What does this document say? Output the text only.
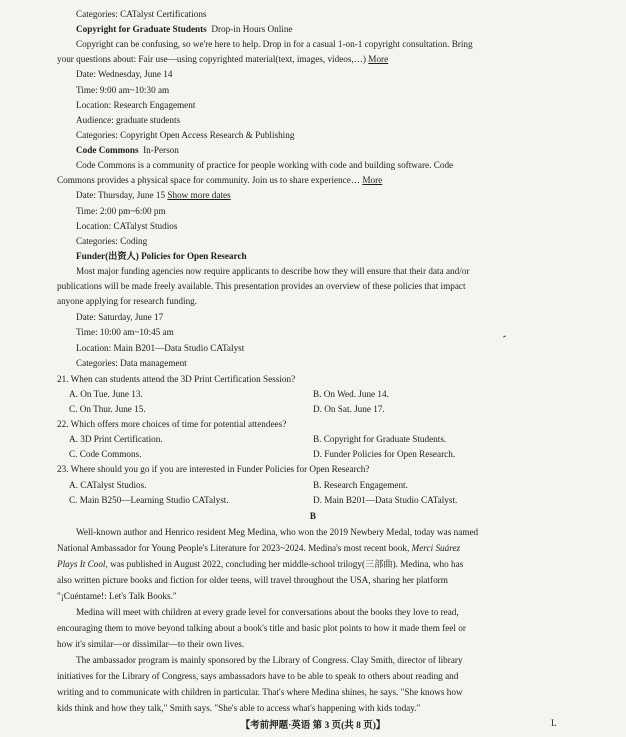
Categories: CATalyst Certifications
Copyright for Graduate Students Drop-in Hours Online
Copyright can be confusing, so we're here to help. Drop in for a casual 1-on-1 copyright consultation. Bring
your questions about: Fair use—using copyrighted material(text, images, videos,…) More
Date: Wednesday, June 14
Time: 9:00 am~10:30 am
Location: Research Engagement
Audience: graduate students
Categories: Copyright Open Access Research & Publishing
Code Commons In-Person
Code Commons is a community of practice for people working with code and building software. Code
Commons provides a physical space for community. Join us to share experience… More
Date: Thursday, June 15 Show more dates
Time: 2:00 pm~6:00 pm
Location: CATalyst Studios
Categories: Coding
Funder(出资人) Policies for Open Research
Most major funding agencies now require applicants to describe how they will ensure that their data and/or
publications will be made freely available. This presentation provides an overview of these policies that impact
anyone applying for research funding.
Date: Saturday, June 17
Time: 10:00 am~10:45 am
Location: Main B201—Data Studio CATalyst
Categories: Data management
21. When can students attend the 3D Print Certification Session?
A. On Tue. June 13.	B. On Wed. June 14.
C. On Thur. June 15.	D. On Sat. June 17.
22. Which offers more choices of time for potential attendees?
A. 3D Print Certification.	B. Copyright for Graduate Students.
C. Code Commons.	D. Funder Policies for Open Research.
23. Where should you go if you are interested in Funder Policies for Open Research?
A. CATalyst Studios.	B. Research Engagement.
C. Main B250—Learning Studio CATalyst.	D. Main B201—Data Studio CATalyst.
B
Well-known author and Henrico resident Meg Medina, who won the 2019 Newbery Medal, today was named
National Ambassador for Young People's Literature for 2023~2024. Medina's most recent book, Merci Suárez
Plays It Cool, was published in August 2022, concluding her middle-school trilogy(三部曲). Medina, who has
also written picture books and fiction for older teens, will travel throughout the USA, sharing her platform
"¡Cuéntame!: Let's Talk Books."
Medina will meet with children at every grade level for conversations about the books they love to read,
encouraging them to move beyond talking about a book's title and basic plot points to how it made them feel or
how it's similar—or dissimilar—to their own lives.
The ambassador program is mainly sponsored by the Library of Congress. Clay Smith, director of library
initiatives for the Library of Congress, says ambassadors have to be able to speak to others about reading and
writing and to communicate with children in particular. That's where Medina shines, he says. "She knows how
kids think and how they talk," Smith says. "She's able to access what's happening with kids today."
【考前押题·英语 第 3 页(共 8 页)】	L
